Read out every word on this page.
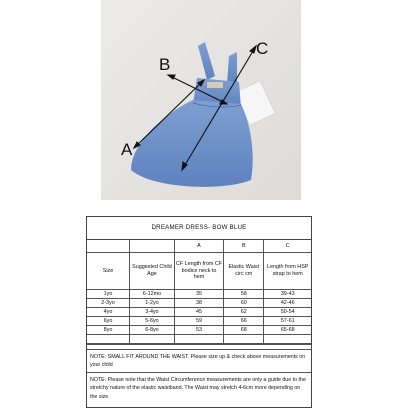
A
B
C
DREAMER DRESS- BOW BLUE
		A	B	C
Size	Suggested Child Age	CF Length from CF bodice neck to hem	Elastic Waist circ cm	Length from HSP strap to hem
1yo	6-12mo	35	58	39-43
2-3yo	1-2yo	38	60	42-46
4yo	3-4yo	45	62	50-54
6yo	5-6yo	59	66	57-61
8yo	6-8yo	53	68	65-68

NOTE: SMALL FIT AROUND THE WAIST. Please size up & check above measurements on your child
NOTE: Please note that the Waist Circumference measurements are only a guide due to the stretchy nature of the elastic waistband. The Waist may stretch 4-6cm more depending on the size.
